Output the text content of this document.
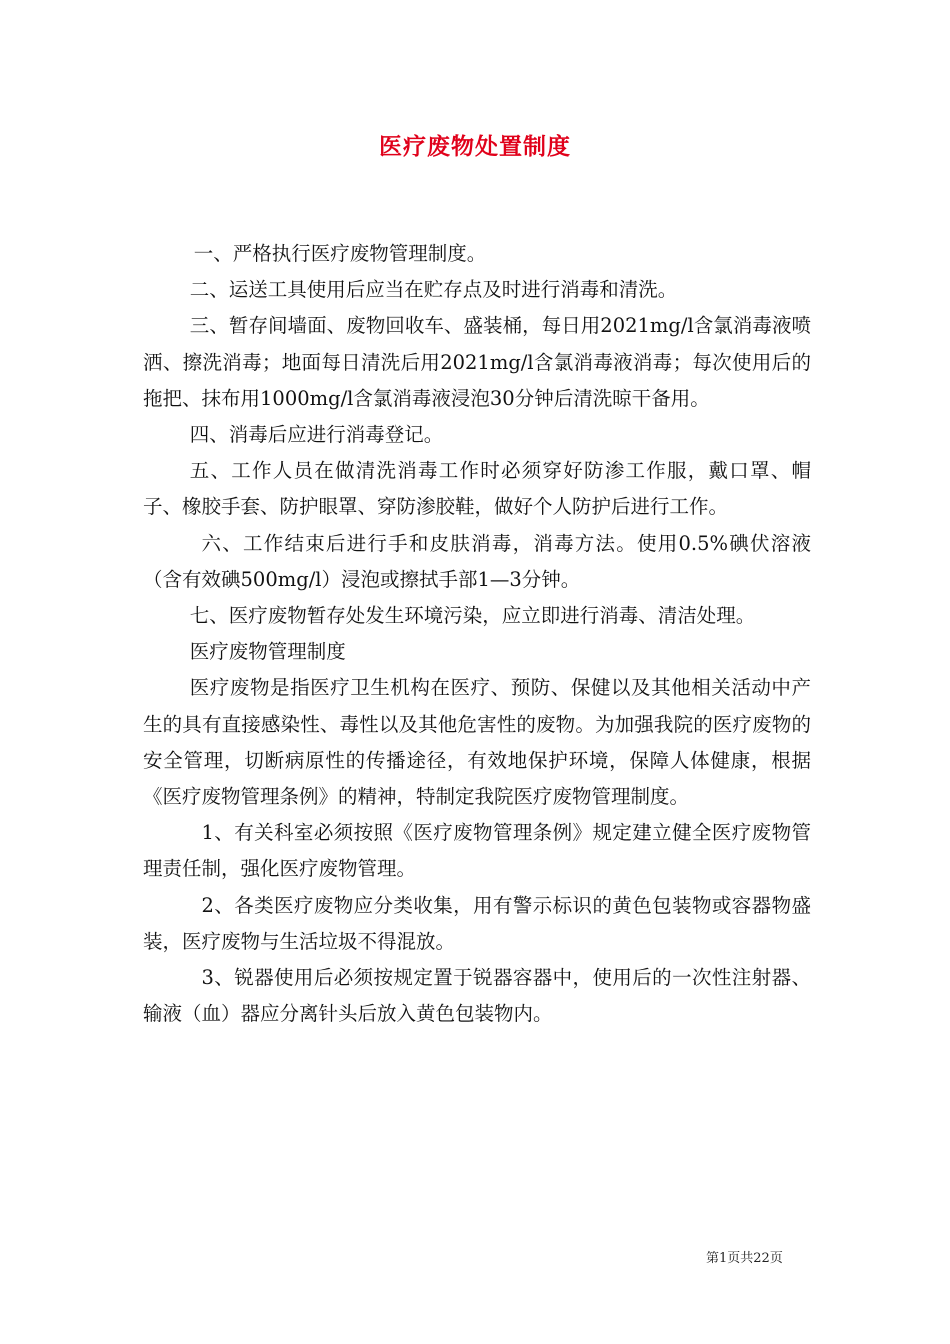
医疗废物处置制度

一、严格执行医疗废物管理制度。

二、运送工具使用后应当在贮存点及时进行消毒和清洗。

三、暂存间墙面、废物回收车、盛装桶，每日用2021mg/l含氯消毒液喷洒、擦洗消毒；地面每日清洗后用2021mg/l含氯消毒液消毒；每次使用后的拖把、抹布用1000mg/l含氯消毒液浸泡30分钟后清洗晾干备用。

四、消毒后应进行消毒登记。

五、工作人员在做清洗消毒工作时必须穿好防渗工作服，戴口罩、帽子、橡胶手套、防护眼罩、穿防渗胶鞋，做好个人防护后进行工作。

六、工作结束后进行手和皮肤消毒，消毒方法。使用0.5%碘伏溶液（含有效碘500mg/l）浸泡或擦拭手部1—3分钟。

七、医疗废物暂存处发生环境污染，应立即进行消毒、清洁处理。

医疗废物管理制度

医疗废物是指医疗卫生机构在医疗、预防、保健以及其他相关活动中产生的具有直接感染性、毒性以及其他危害性的废物。为加强我院的医疗废物的安全管理，切断病原性的传播途径，有效地保护环境，保障人体健康，根据《医疗废物管理条例》的精神，特制定我院医疗废物管理制度。

1、有关科室必须按照《医疗废物管理条例》规定建立健全医疗废物管理责任制，强化医疗废物管理。

2、各类医疗废物应分类收集，用有警示标识的黄色包装物或容器物盛装，医疗废物与生活垃圾不得混放。

3、锐器使用后必须按规定置于锐器容器中，使用后的一次性注射器、输液（血）器应分离针头后放入黄色包装物内。

第1页共22页
